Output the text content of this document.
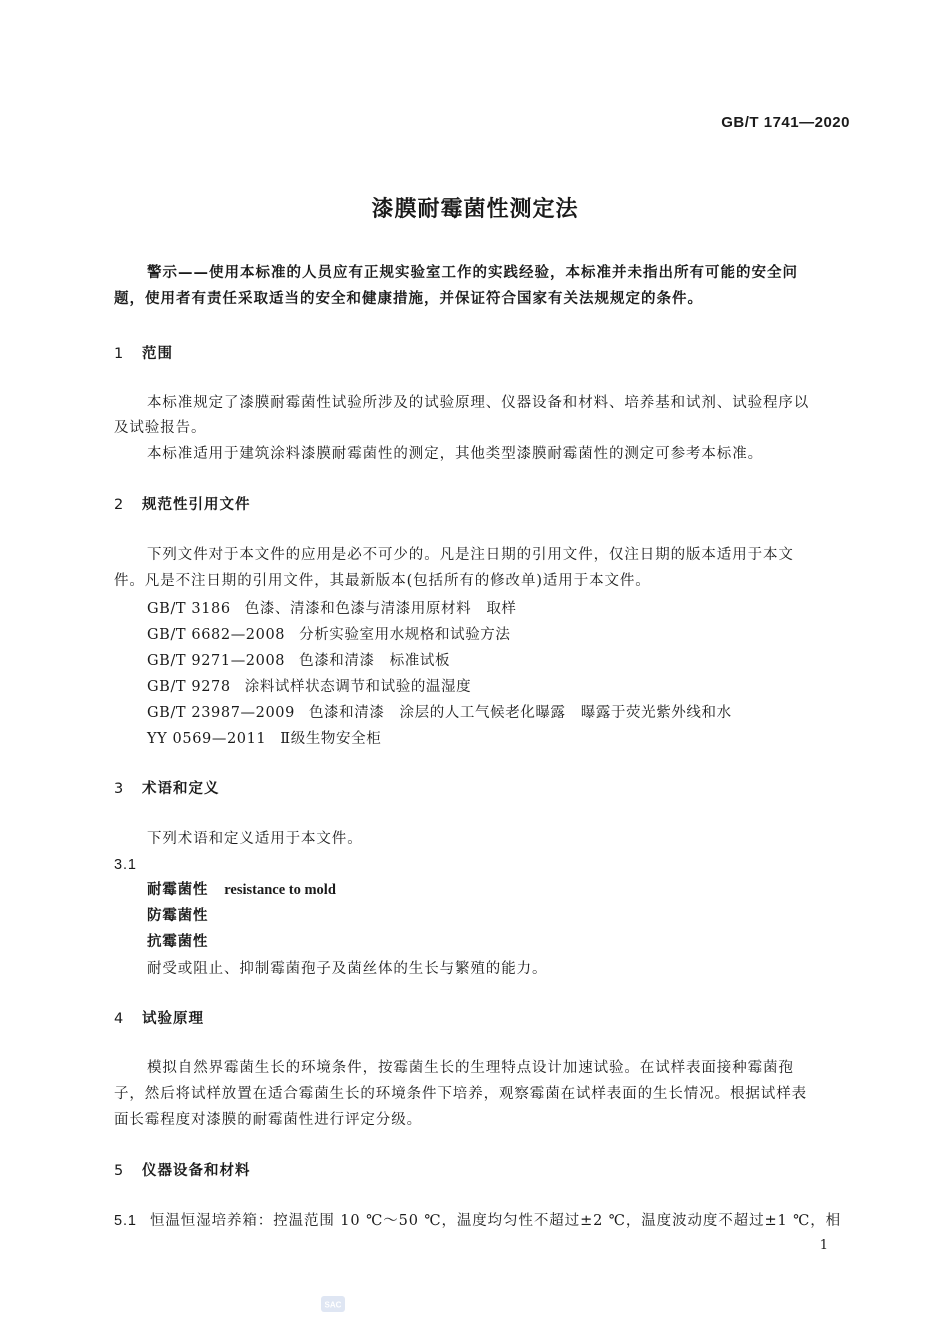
GB/T 1741—2020
漆膜耐霉菌性测定法
警示——使用本标准的人员应有正规实验室工作的实践经验，本标准并未指出所有可能的安全问
题，使用者有责任采取适当的安全和健康措施，并保证符合国家有关法规规定的条件。
1 范围
本标准规定了漆膜耐霉菌性试验所涉及的试验原理、仪器设备和材料、培养基和试剂、试验程序以
及试验报告。
本标准适用于建筑涂料漆膜耐霉菌性的测定，其他类型漆膜耐霉菌性的测定可参考本标准。
2 规范性引用文件
下列文件对于本文件的应用是必不可少的。凡是注日期的引用文件，仅注日期的版本适用于本文
件。凡是不注日期的引用文件，其最新版本(包括所有的修改单)适用于本文件。
GB/T 3186 色漆、清漆和色漆与清漆用原材料　取样
GB/T 6682—2008 分析实验室用水规格和试验方法
GB/T 9271—2008 色漆和清漆　标准试板
GB/T 9278 涂料试样状态调节和试验的温湿度
GB/T 23987—2009 色漆和清漆　涂层的人工气候老化曝露　曝露于荧光紫外线和水
YY 0569—2011 Ⅱ级生物安全柜
3 术语和定义
下列术语和定义适用于本文件。
3.1
耐霉菌性 resistance to mold
防霉菌性
抗霉菌性
耐受或阻止、抑制霉菌孢子及菌丝体的生长与繁殖的能力。
4 试验原理
模拟自然界霉菌生长的环境条件，按霉菌生长的生理特点设计加速试验。在试样表面接种霉菌孢
子，然后将试样放置在适合霉菌生长的环境条件下培养，观察霉菌在试样表面的生长情况。根据试样表
面长霉程度对漆膜的耐霉菌性进行评定分级。
5 仪器设备和材料
5.1 恒温恒湿培养箱：控温范围 10 ℃～50 ℃，温度均匀性不超过±2 ℃，温度波动度不超过±1 ℃，相
1
SAC
